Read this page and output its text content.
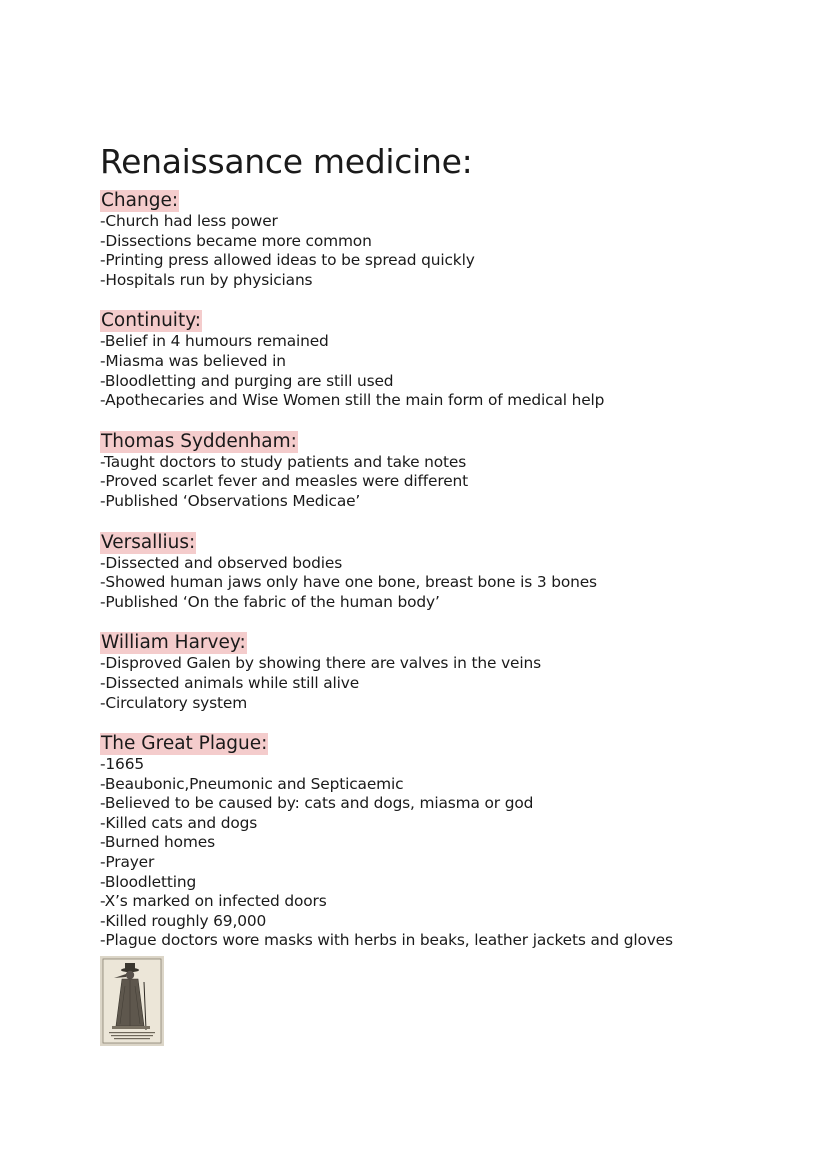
Renaissance medicine:
Change:
-Church had less power
-Dissections became more common
-Printing press allowed ideas to be spread quickly
-Hospitals run by physicians
Continuity:
-Belief in 4 humours remained
-Miasma was believed in
-Bloodletting and purging are still used
-Apothecaries and Wise Women still the main form of medical help
Thomas Syddenham:
-Taught doctors to study patients and take notes
-Proved scarlet fever and measles were different
-Published ‘Observations Medicae’
Versallius:
-Dissected and observed bodies
-Showed human jaws only have one bone, breast bone is 3 bones
-Published ‘On the fabric of the human body’
William Harvey:
-Disproved Galen by showing there are valves in the veins
-Dissected animals while still alive
-Circulatory system
The Great Plague:
-1665
-Beaubonic,Pneumonic and Septicaemic
-Believed to be caused by: cats and dogs, miasma or god
-Killed cats and dogs
-Burned homes
-Prayer
-Bloodletting
-X’s marked on infected doors
-Killed roughly 69,000
-Plague doctors wore masks with herbs in beaks, leather jackets and gloves
